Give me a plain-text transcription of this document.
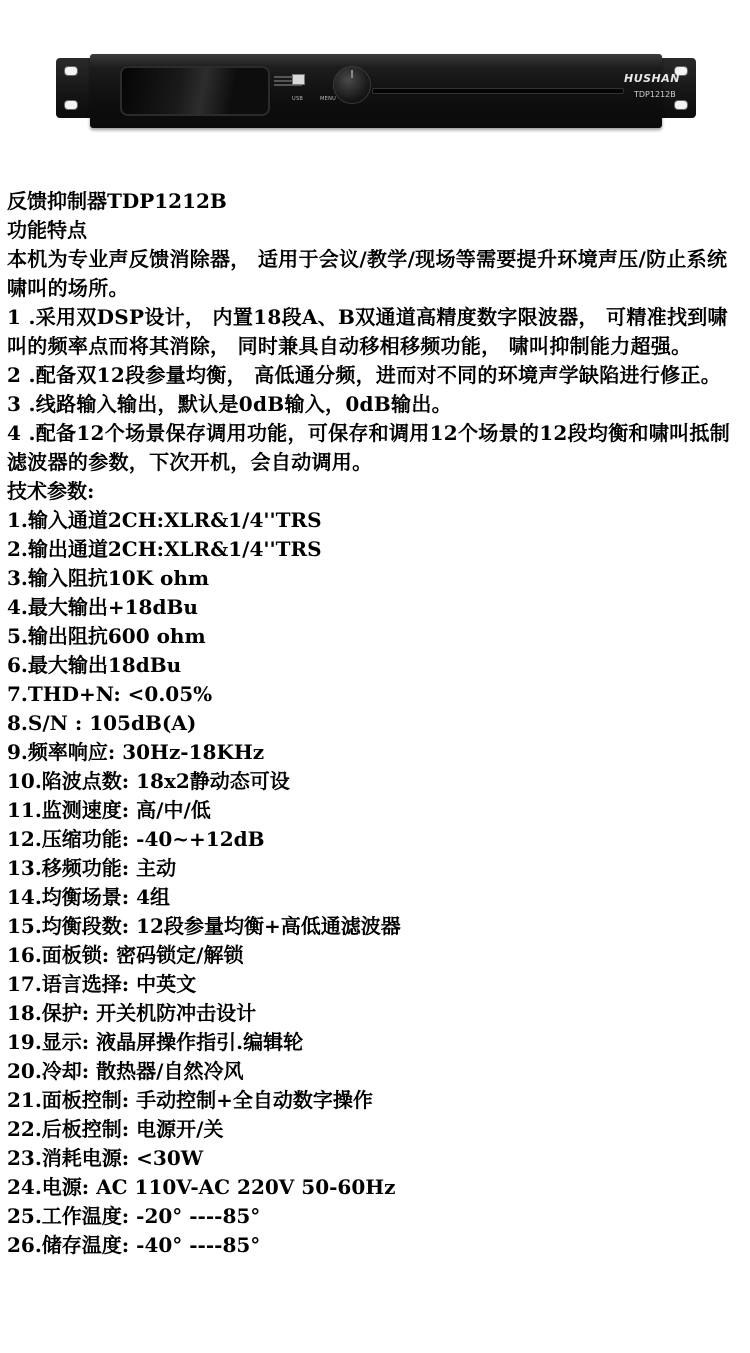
USB	MENU
HUSHAN
TDP1212B

反馈抑制器TDP1212B

功能特点

本机为专业声反馈消除器， 适用于会议/教学/现场等需要提升环境声压/防止系统啸叫的场所。

1 .采用双DSP设计， 内置18段A、B双通道高精度数字限波器， 可精准找到啸叫的频率点而将其消除， 同时兼具自动移相移频功能， 啸叫抑制能力超强。

2 .配备双12段参量均衡， 高低通分频，进而对不同的环境声学缺陷进行修正。

3 .线路输入输出，默认是0dB输入，0dB输出。

4 .配备12个场景保存调用功能，可保存和调用12个场景的12段均衡和啸叫抵制滤波器的参数，下次开机，会自动调用。

技术参数:

1.输入通道2CH:XLR&1/4''TRS

2.输出通道2CH:XLR&1/4''TRS

3.输入阻抗10K ohm

4.最大输出+18dBu

5.输出阻抗600 ohm

6.最大输出18dBu

7.THD+N: <0.05%

8.S/N : 105dB(A)

9.频率响应: 30Hz-18KHz

10.陷波点数: 18x2静动态可设

11.监测速度: 高/中/低

12.压缩功能: -40~+12dB

13.移频功能: 主动

14.均衡场景: 4组

15.均衡段数: 12段参量均衡+高低通滤波器

16.面板锁: 密码锁定/解锁

17.语言选择: 中英文

18.保护: 开关机防冲击设计

19.显示: 液晶屏操作指引.编辑轮

20.冷却: 散热器/自然冷风

21.面板控制: 手动控制+全自动数字操作

22.后板控制: 电源开/关

23.消耗电源: <30W

24.电源: AC 110V-AC 220V 50-60Hz

25.工作温度: -20° ----85°

26.储存温度: -40° ----85°
